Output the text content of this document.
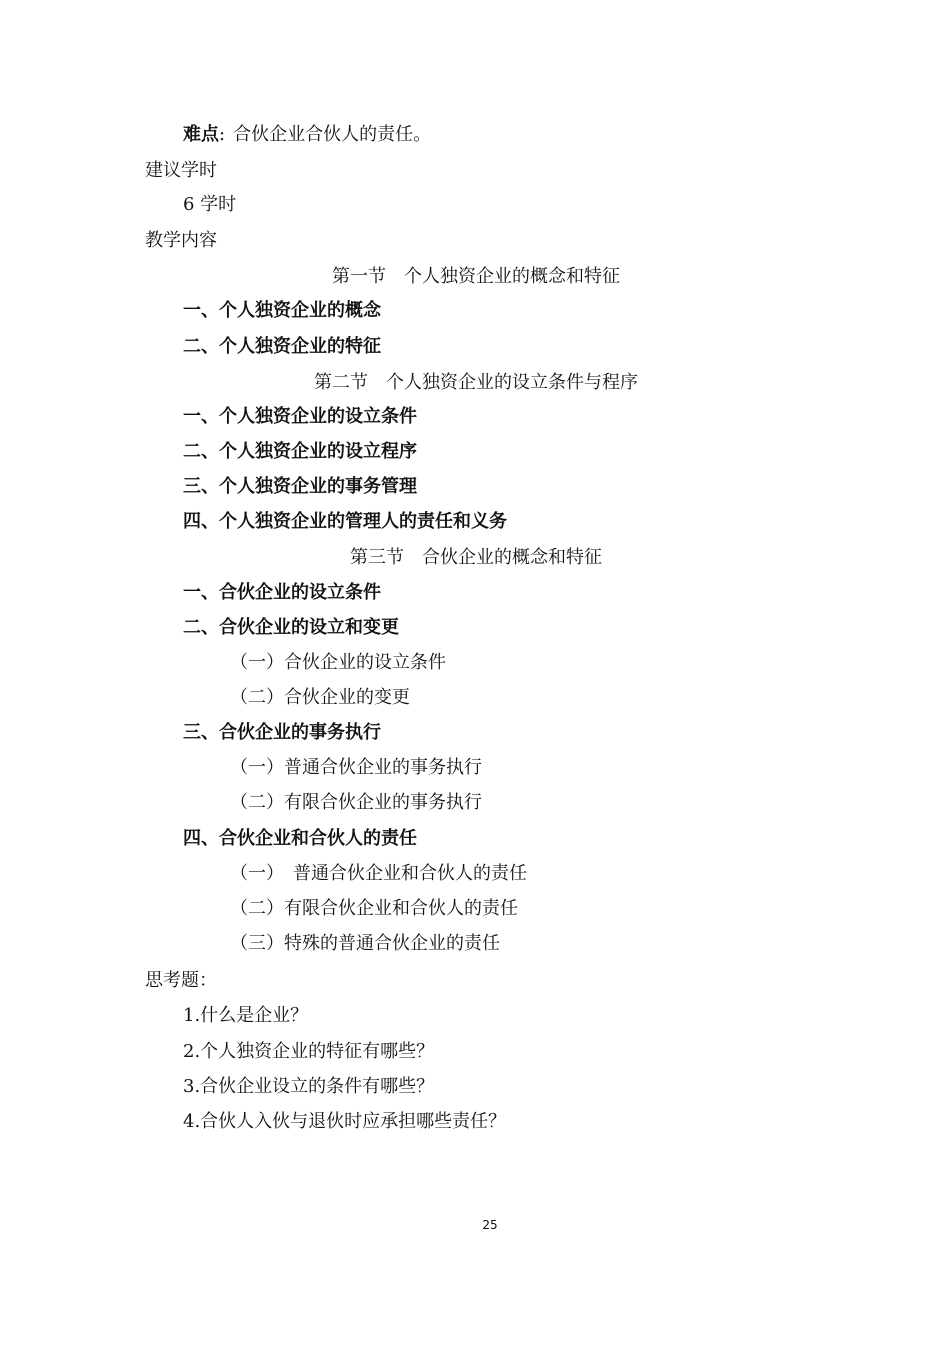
难点: 合伙企业合伙人的责任。
建议学时
6 学时
教学内容
第一节　个人独资企业的概念和特征
一、个人独资企业的概念
二、个人独资企业的特征
第二节　个人独资企业的设立条件与程序
一、个人独资企业的设立条件
二、个人独资企业的设立程序
三、个人独资企业的事务管理
四、个人独资企业的管理人的责任和义务
第三节　合伙企业的概念和特征
一、合伙企业的设立条件
二、合伙企业的设立和变更
（一）合伙企业的设立条件
（二）合伙企业的变更
三、合伙企业的事务执行
（一）普通合伙企业的事务执行
（二）有限合伙企业的事务执行
四、合伙企业和合伙人的责任
（一）　普通合伙企业和合伙人的责任
（二）有限合伙企业和合伙人的责任
（三）特殊的普通合伙企业的责任
思考题：
1.什么是企业？
2.个人独资企业的特征有哪些？
3.合伙企业设立的条件有哪些？
4.合伙人入伙与退伙时应承担哪些责任？
25
